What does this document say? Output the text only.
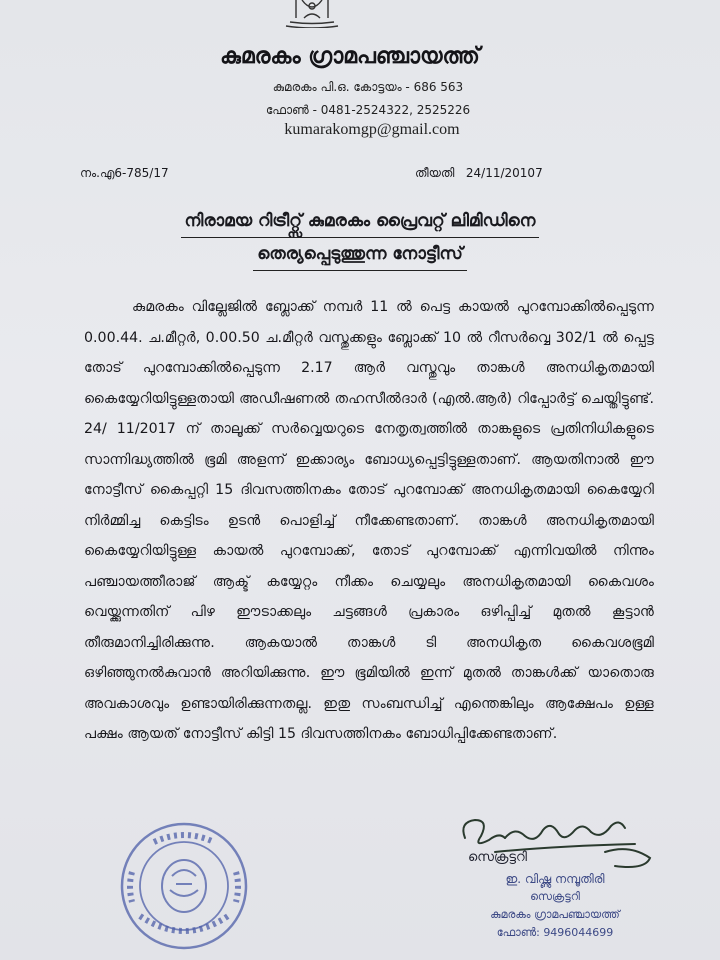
കുമരകം ഗ്രാമപഞ്ചായത്ത്
കുമരകം പി.ഒ. കോട്ടയം - 686 563
ഫോൺ - 0481-2524322, 2525226
kumarakomgp@gmail.com
നം.എ6-785/17	തീയതി 24/11/20107
നിരാമയ റിട്രീറ്റ്സ് കുമരകം പ്രൈവറ്റ് ലിമിഡിനെ
തെര്യപ്പെടുത്തുന്ന നോട്ടീസ്
കുമരകം വില്ലേജിൽ ബ്ലോക്ക് നമ്പർ 11 ൽ പെട്ട കായൽ പുറമ്പോക്കിൽപ്പെടുന്ന 0.00.44. ച.മീറ്റർ, 0.00.50 ച.മീറ്റർ വസ്തുക്കളും ബ്ലോക്ക് 10 ൽ റീസർവ്വെ 302/1 ൽ പ്പെട്ട തോട് പുറമ്പോക്കിൽപ്പെടുന്ന 2.17 ആർ വസ്തുവും താങ്കൾ അനധികൃതമായി കൈയ്യേറിയിട്ടുള്ളതായി അഡീഷണൽ തഹസീൽദാർ (എൽ.ആർ) റിപ്പോർട്ട് ചെയ്തിട്ടുണ്ട്. 24/ 11/2017 ന് താലൂക്ക് സർവ്വെയറുടെ നേതൃത്വത്തിൽ താങ്കളുടെ പ്രതിനിധികളുടെ സാന്നിദ്ധ്യത്തിൽ ഭൂമി അളന്ന് ഇക്കാര്യം ബോധ്യപ്പെട്ടിട്ടുള്ളതാണ്. ആയതിനാൽ ഈ നോട്ടീസ് കൈപ്പറ്റി 15 ദിവസത്തിനകം തോട് പുറമ്പോക്ക് അനധികൃതമായി കൈയ്യേറി നിർമ്മിച്ച കെട്ടിടം ഉടൻ പൊളിച്ച് നീക്കേണ്ടതാണ്. താങ്കൾ അനധികൃതമായി കൈയ്യേറിയിട്ടുള്ള കായൽ പുറമ്പോക്ക്, തോട് പുറമ്പോക്ക് എന്നിവയിൽ നിന്നും പഞ്ചായത്തീരാജ് ആക്ട് കയ്യേറ്റം നീക്കം ചെയ്യലും അനധികൃതമായി കൈവശം വെയ്ക്കുന്നതിന് പിഴ ഈടാക്കലും ചട്ടങ്ങൾ പ്രകാരം ഒഴിപ്പിച്ച് മുതൽ കൂട്ടാൻ തീരുമാനിച്ചിരിക്കുന്നു. ആകയാൽ താങ്കൾ ടി അനധികൃത കൈവശഭൂമി ഒഴിഞ്ഞുനൽകുവാൻ അറിയിക്കുന്നു. ഈ ഭൂമിയിൽ ഇന്ന് മുതൽ താങ്കൾക്ക് യാതൊരു അവകാശവും ഉണ്ടായിരിക്കുന്നതല്ല. ഇതു സംബന്ധിച്ച് എന്തെങ്കിലും ആക്ഷേപം ഉള്ള പക്ഷം ആയത് നോട്ടീസ് കിട്ടി 15 ദിവസത്തിനകം ബോധിപ്പിക്കേണ്ടതാണ്.
സെക്രട്ടറി
ഇ. വിഷ്ണു നമ്പൂതിരി
സെക്രട്ടറി
കുമരകം ഗ്രാമപഞ്ചായത്ത്
ഫോൺ: 9496044699
